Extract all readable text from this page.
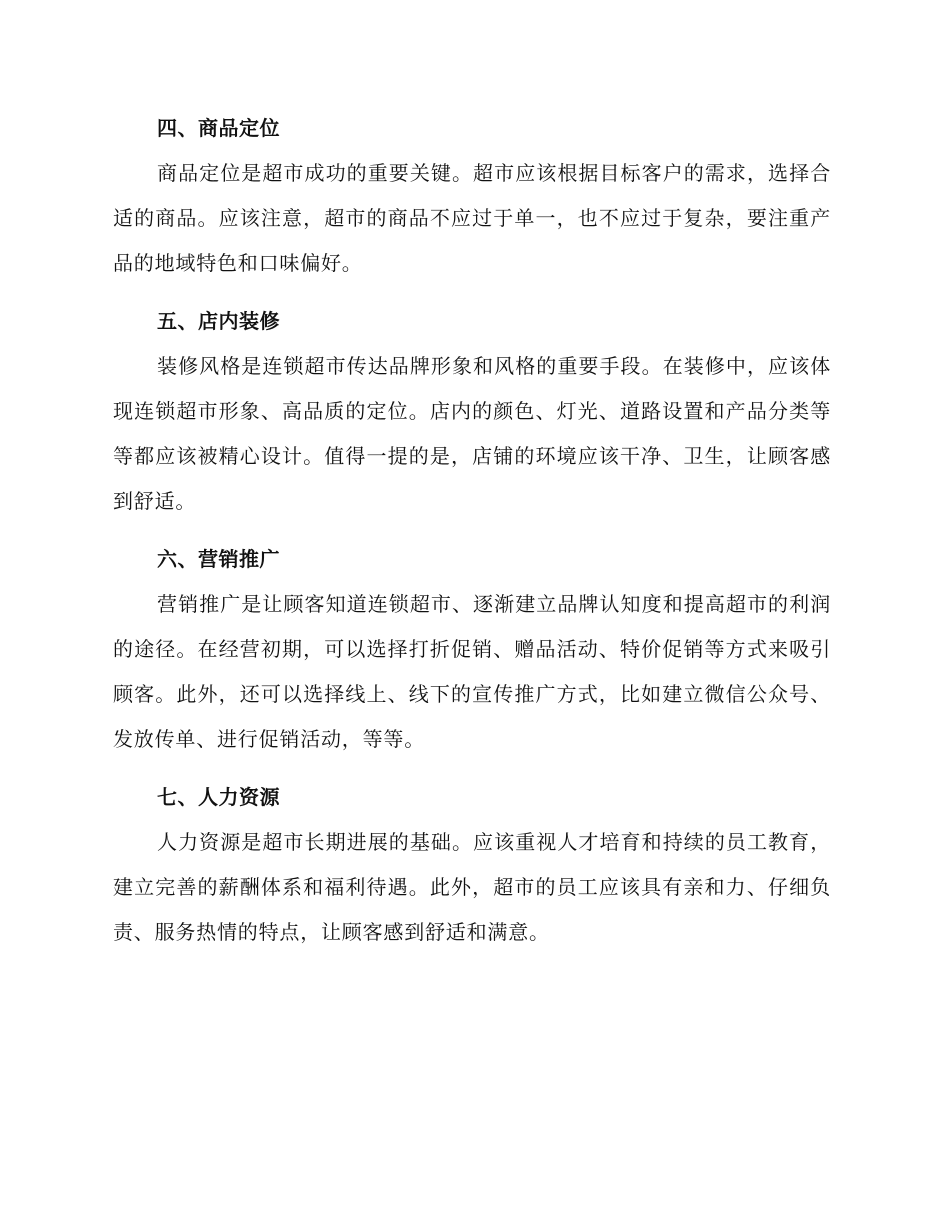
四、商品定位

商品定位是超市成功的重要关键。超市应该根据目标客户的需求，选择合适的商品。应该注意，超市的商品不应过于单一，也不应过于复杂，要注重产品的地域特色和口味偏好。

五、店内装修

装修风格是连锁超市传达品牌形象和风格的重要手段。在装修中，应该体现连锁超市形象、高品质的定位。店内的颜色、灯光、道路设置和产品分类等等都应该被精心设计。值得一提的是，店铺的环境应该干净、卫生，让顾客感到舒适。

六、营销推广

营销推广是让顾客知道连锁超市、逐渐建立品牌认知度和提高超市的利润的途径。在经营初期，可以选择打折促销、赠品活动、特价促销等方式来吸引顾客。此外，还可以选择线上、线下的宣传推广方式，比如建立微信公众号、发放传单、进行促销活动，等等。

七、人力资源

人力资源是超市长期进展的基础。应该重视人才培育和持续的员工教育，建立完善的薪酬体系和福利待遇。此外，超市的员工应该具有亲和力、仔细负责、服务热情的特点，让顾客感到舒适和满意。
